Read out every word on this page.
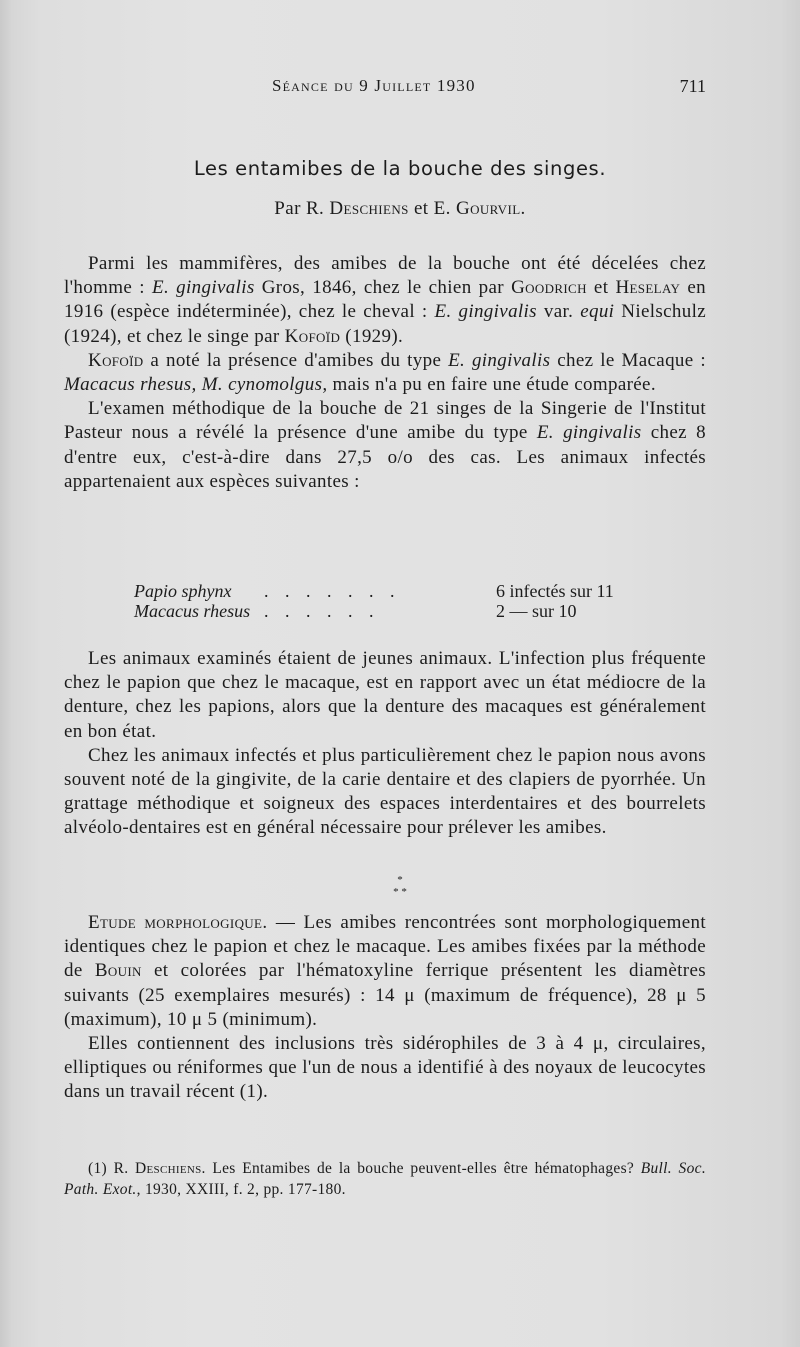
Séance du 9 Juillet 1930	711
Les entamibes de la bouche des singes.
Par R. Deschiens et E. Gourvil.

Parmi les mammifères, des amibes de la bouche ont été décelées chez l'homme : E. gingivalis Gros, 1846, chez le chien par Goodrich et Heselay en 1916 (espèce indéterminée), chez le cheval : E. gingivalis var. equi Nielschulz (1924), et chez le singe par Kofoïd (1929).

Kofoïd a noté la présence d'amibes du type E. gingivalis chez le Macaque : Macacus rhesus, M. cynomolgus, mais n'a pu en faire une étude comparée.

L'examen méthodique de la bouche de 21 singes de la Singerie de l'Institut Pasteur nous a révélé la présence d'une amibe du type E. gingivalis chez 8 d'entre eux, c'est-à-dire dans 27,5 o/o des cas. Les animaux infectés appartenaient aux espèces suivantes :

Papio sphynx . . . . . . .	6 infectés sur 11
Macacus rhesus . . . . . .	2 — sur 10

Les animaux examinés étaient de jeunes animaux. L'infection plus fréquente chez le papion que chez le macaque, est en rapport avec un état médiocre de la denture, chez les papions, alors que la denture des macaques est généralement en bon état.

Chez les animaux infectés et plus particulièrement chez le papion nous avons souvent noté de la gingivite, de la carie dentaire et des clapiers de pyorrhée. Un grattage méthodique et soigneux des espaces interdentaires et des bourrelets alvéolo-dentaires est en général nécessaire pour prélever les amibes.

*
* *

Etude morphologique. — Les amibes rencontrées sont morphologiquement identiques chez le papion et chez le macaque. Les amibes fixées par la méthode de Bouin et colorées par l'hématoxyline ferrique présentent les diamètres suivants (25 exemplaires mesurés) : 14 μ (maximum de fréquence), 28 μ 5 (maximum), 10 μ 5 (minimum).

Elles contiennent des inclusions très sidérophiles de 3 à 4 μ, circulaires, elliptiques ou réniformes que l'un de nous a identifié à des noyaux de leucocytes dans un travail récent (1).

(1) R. Deschiens. Les Entamibes de la bouche peuvent-elles être hématophages? Bull. Soc. Path. Exot., 1930, XXIII, f. 2, pp. 177-180.
